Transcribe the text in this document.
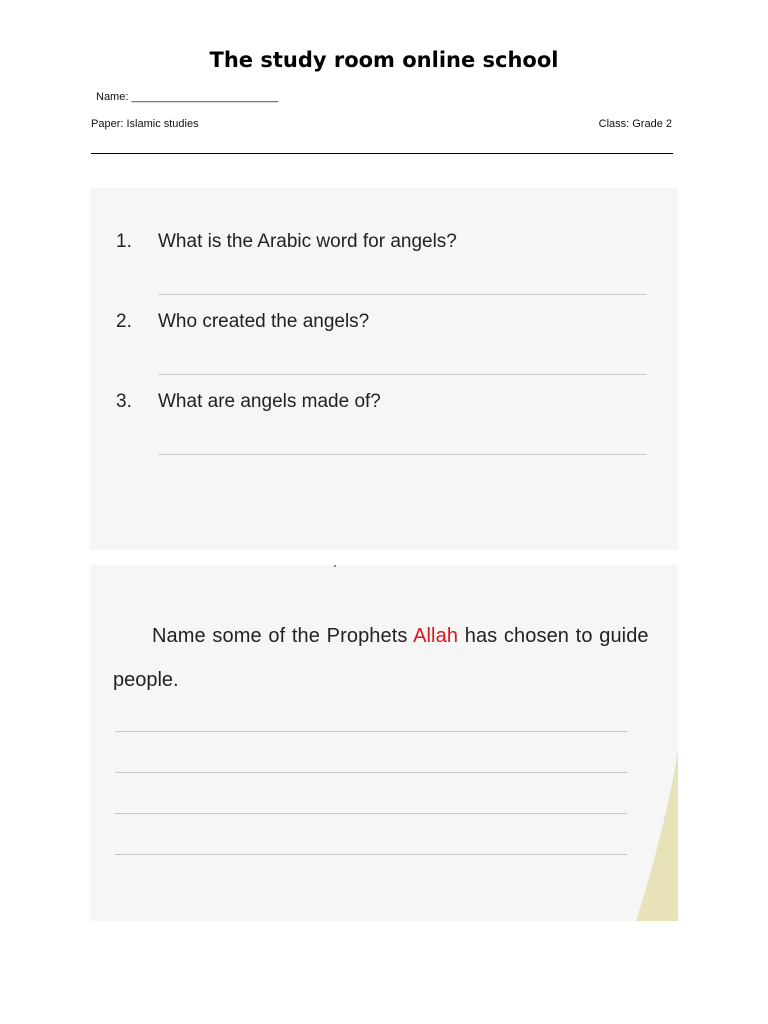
The study room online school
Name: ________________________
Paper: Islamic studies	Class: Grade 2
1. What is the Arabic word for angels?
2. Who created the angels?
3. What are angels made of?
Name some of the Prophets Allah has chosen to guide
people.
